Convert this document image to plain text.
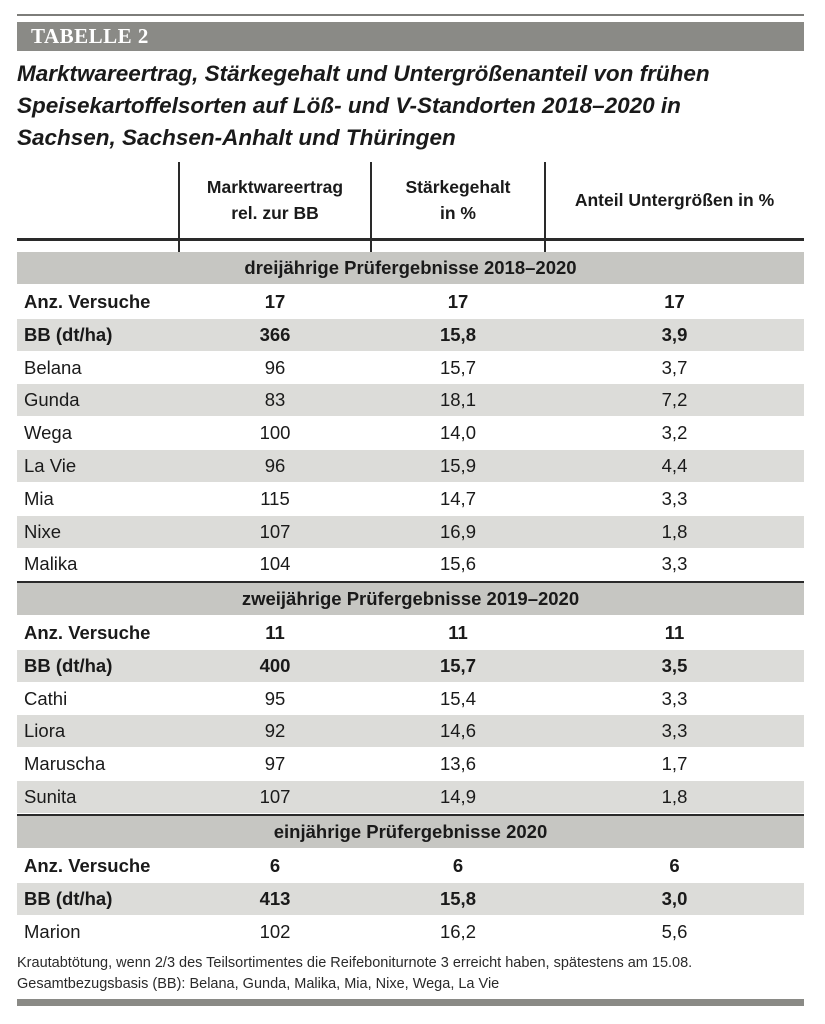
TABELLE 2
Marktwareertrag, Stärkegehalt und Untergrößenanteil von frühen
Speisekartoffelsorten auf Löß- und V-Standorten 2018–2020 in
Sachsen, Sachsen-Anhalt und Thüringen
Marktwareertrag
rel. zur BB
Stärkegehalt
in %
Anteil Untergrößen in %
dreijährige Prüfergebnisse 2018–2020
Anz. Versuche	17	17	17
BB (dt/ha)	366	15,8	3,9
Belana	96	15,7	3,7
Gunda	83	18,1	7,2
Wega	100	14,0	3,2
La Vie	96	15,9	4,4
Mia	115	14,7	3,3
Nixe	107	16,9	1,8
Malika	104	15,6	3,3
zweijährige Prüfergebnisse 2019–2020
Anz. Versuche	11	11	11
BB (dt/ha)	400	15,7	3,5
Cathi	95	15,4	3,3
Liora	92	14,6	3,3
Maruscha	97	13,6	1,7
Sunita	107	14,9	1,8
einjährige Prüfergebnisse 2020
Anz. Versuche	6	6	6
BB (dt/ha)	413	15,8	3,0
Marion	102	16,2	5,6
Krautabtötung, wenn 2/3 des Teilsortimentes die Reifeboniturnote 3 erreicht haben, spätestens am 15.08.
Gesamtbezugsbasis (BB): Belana, Gunda, Malika, Mia, Nixe, Wega, La Vie
